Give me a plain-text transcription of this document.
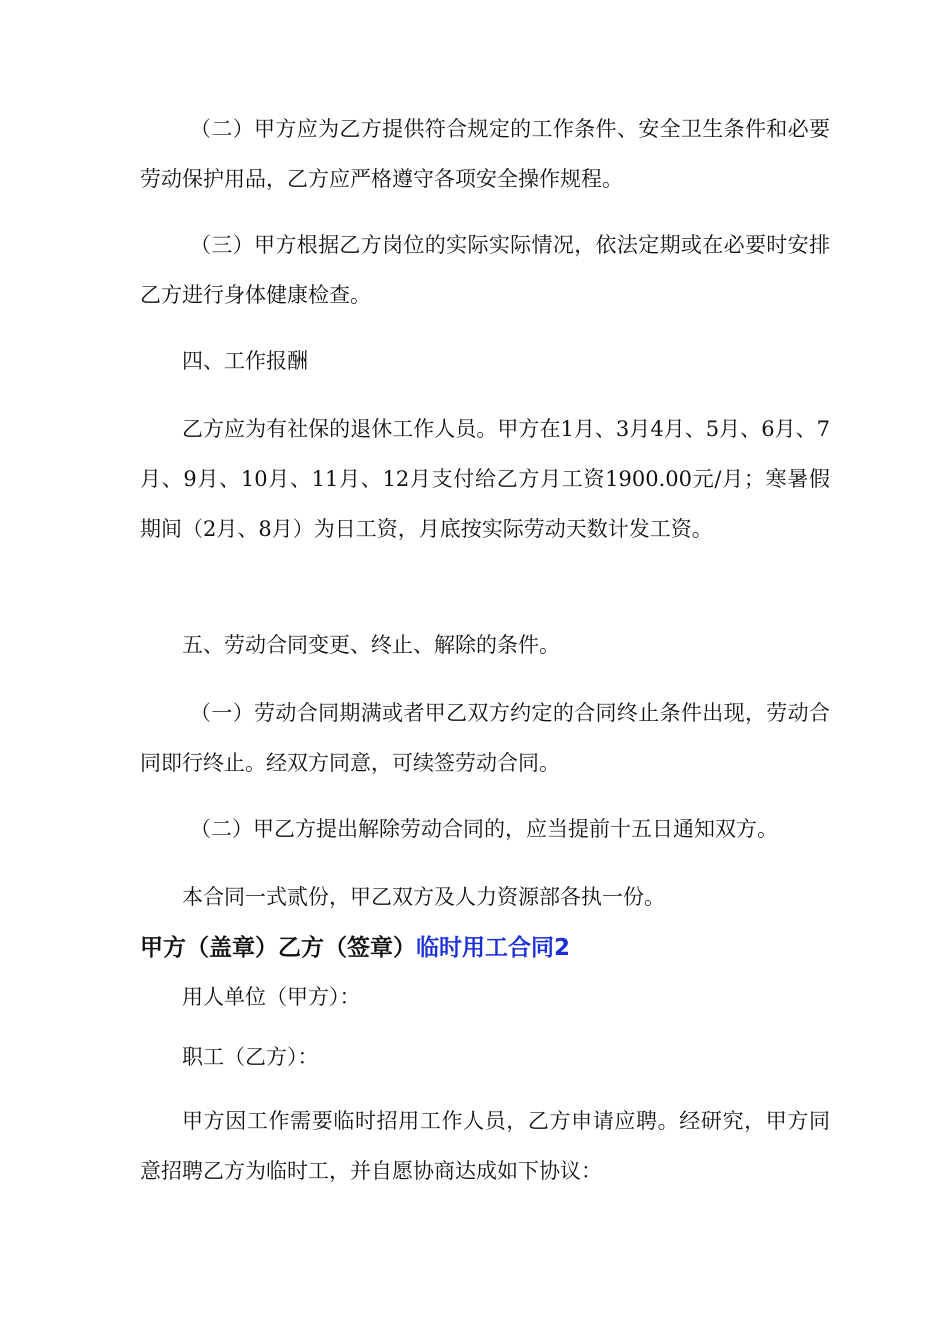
（二）甲方应为乙方提供符合规定的工作条件、安全卫生条件和必要劳动保护用品，乙方应严格遵守各项安全操作规程。

（三）甲方根据乙方岗位的实际实际情况，依法定期或在必要时安排乙方进行身体健康检查。

四、工作报酬

乙方应为有社保的退休工作人员。甲方在1月、3月4月、5月、6月、7月、9月、10月、11月、12月支付给乙方月工资1900.00元/月；寒暑假期间（2月、8月）为日工资，月底按实际劳动天数计发工资。

五、劳动合同变更、终止、解除的条件。

（一）劳动合同期满或者甲乙双方约定的合同终止条件出现，劳动合同即行终止。经双方同意，可续签劳动合同。

（二）甲乙方提出解除劳动合同的，应当提前十五日通知双方。

本合同一式贰份，甲乙双方及人力资源部各执一份。

甲方（盖章）乙方（签章）临时用工合同2

用人单位（甲方）：

职工（乙方）：

甲方因工作需要临时招用工作人员，乙方申请应聘。经研究，甲方同意招聘乙方为临时工，并自愿协商达成如下协议：
